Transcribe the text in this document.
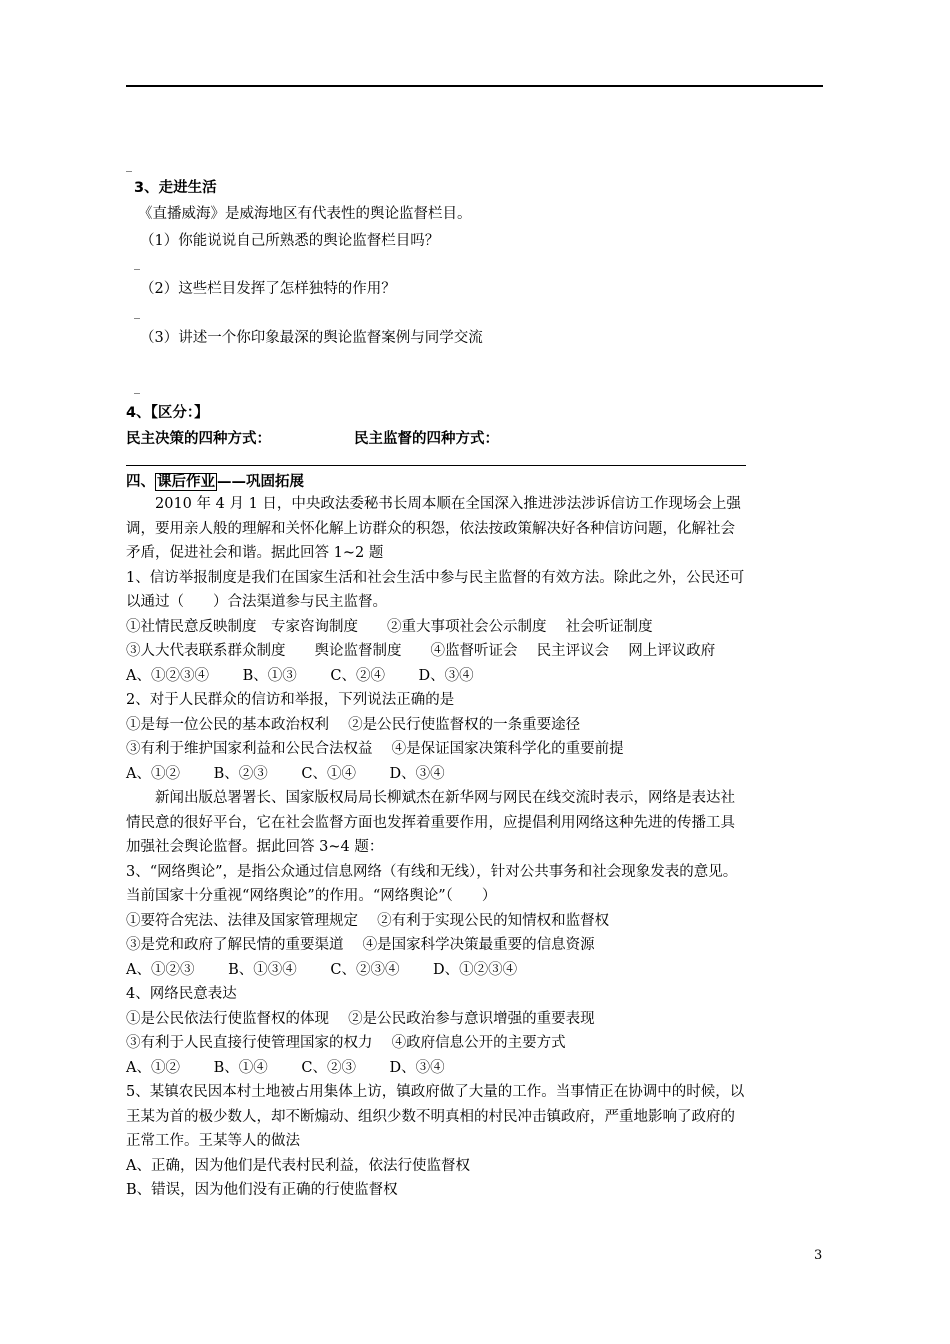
_
3、走进生活
《直播威海》是威海地区有代表性的舆论监督栏目。
（1）你能说说自己所熟悉的舆论监督栏目吗？
_
（2）这些栏目发挥了怎样独特的作用？
_
（3）讲述一个你印象最深的舆论监督案例与同学交流
_
4、【区分：】
民主决策的四种方式：	民主监督的四种方式：
四、 课后作业 ——巩固拓展
　　2010 年 4 月 1 日，中央政法委秘书长周本顺在全国深入推进涉法涉诉信访工作现场会上强
调，要用亲人般的理解和关怀化解上访群众的积怨，依法按政策解决好各种信访问题，化解社会
矛盾，促进社会和谐。据此回答 1~2 题
1、信访举报制度是我们在国家生活和社会生活中参与民主监督的有效方法。除此之外，公民还可
以通过（　　）合法渠道参与民主监督。
①社情民意反映制度　专家咨询制度　　②重大事项社会公示制度　 社会听证制度
③人大代表联系群众制度　　舆论监督制度　　④监督听证会　 民主评议会　 网上评议政府
A、①②③④　　 B、①③　　 C、②④　　 D、③④
2、对于人民群众的信访和举报，下列说法正确的是
①是每一位公民的基本政治权利　 ②是公民行使监督权的一条重要途径
③有利于维护国家利益和公民合法权益　 ④是保证国家决策科学化的重要前提
A、①②　　 B、②③　　 C、①④　　 D、③④
　　新闻出版总署署长、国家版权局局长柳斌杰在新华网与网民在线交流时表示，网络是表达社
情民意的很好平台，它在社会监督方面也发挥着重要作用，应提倡利用网络这种先进的传播工具
加强社会舆论监督。据此回答 3~4 题：
3、“网络舆论”，是指公众通过信息网络（有线和无线），针对公共事务和社会现象发表的意见。
当前国家十分重视“网络舆论”的作用。“网络舆论”（　　）
①要符合宪法、法律及国家管理规定　 ②有利于实现公民的知情权和监督权
③是党和政府了解民情的重要渠道　 ④是国家科学决策最重要的信息资源
A、①②③　　 B、①③④　　 C、②③④　　 D、①②③④
4、网络民意表达
①是公民依法行使监督权的体现　 ②是公民政治参与意识增强的重要表现
③有利于人民直接行使管理国家的权力　 ④政府信息公开的主要方式
A、①②　　 B、①④　　 C、②③　　 D、③④
5、某镇农民因本村土地被占用集体上访，镇政府做了大量的工作。当事情正在协调中的时候，以
王某为首的极少数人，却不断煽动、组织少数不明真相的村民冲击镇政府，严重地影响了政府的
正常工作。王某等人的做法
A、正确，因为他们是代表村民利益，依法行使监督权
B、错误，因为他们没有正确的行使监督权
3
